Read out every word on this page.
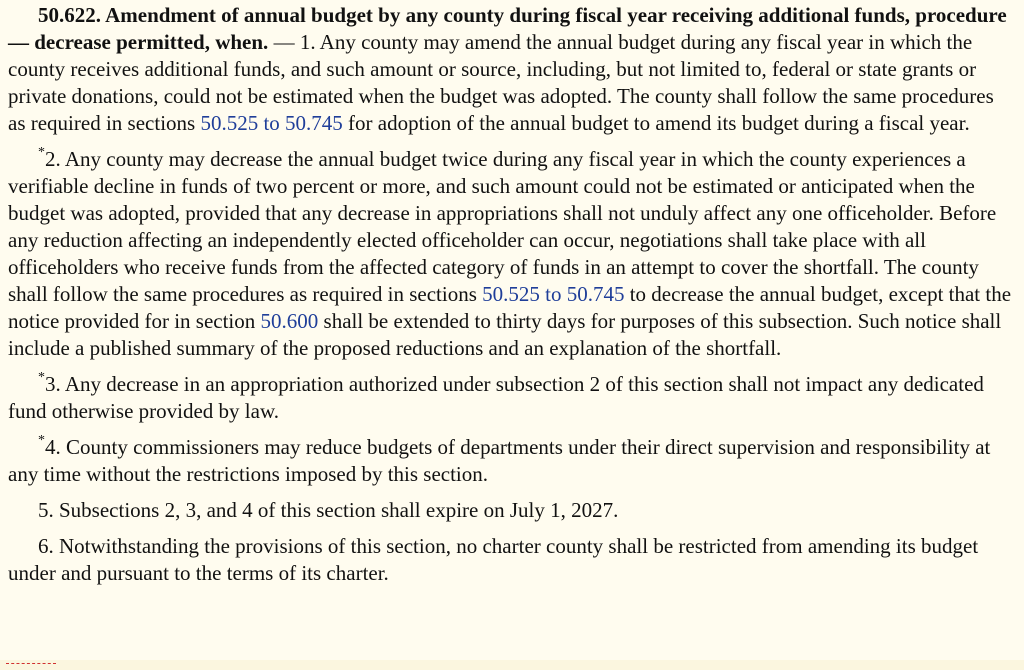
50.622. Amendment of annual budget by any county during fiscal year receiving additional funds, procedure — decrease permitted, when. — 1. Any county may amend the annual budget during any fiscal year in which the county receives additional funds, and such amount or source, including, but not limited to, federal or state grants or private donations, could not be estimated when the budget was adopted. The county shall follow the same procedures as required in sections 50.525 to 50.745 for adoption of the annual budget to amend its budget during a fiscal year.

*2. Any county may decrease the annual budget twice during any fiscal year in which the county experiences a verifiable decline in funds of two percent or more, and such amount could not be estimated or anticipated when the budget was adopted, provided that any decrease in appropriations shall not unduly affect any one officeholder. Before any reduction affecting an independently elected officeholder can occur, negotiations shall take place with all officeholders who receive funds from the affected category of funds in an attempt to cover the shortfall. The county shall follow the same procedures as required in sections 50.525 to 50.745 to decrease the annual budget, except that the notice provided for in section 50.600 shall be extended to thirty days for purposes of this subsection. Such notice shall include a published summary of the proposed reductions and an explanation of the shortfall.

*3. Any decrease in an appropriation authorized under subsection 2 of this section shall not impact any dedicated fund otherwise provided by law.

*4. County commissioners may reduce budgets of departments under their direct supervision and responsibility at any time without the restrictions imposed by this section.

5. Subsections 2, 3, and 4 of this section shall expire on July 1, 2027.

6. Notwithstanding the provisions of this section, no charter county shall be restricted from amending its budget under and pursuant to the terms of its charter.
